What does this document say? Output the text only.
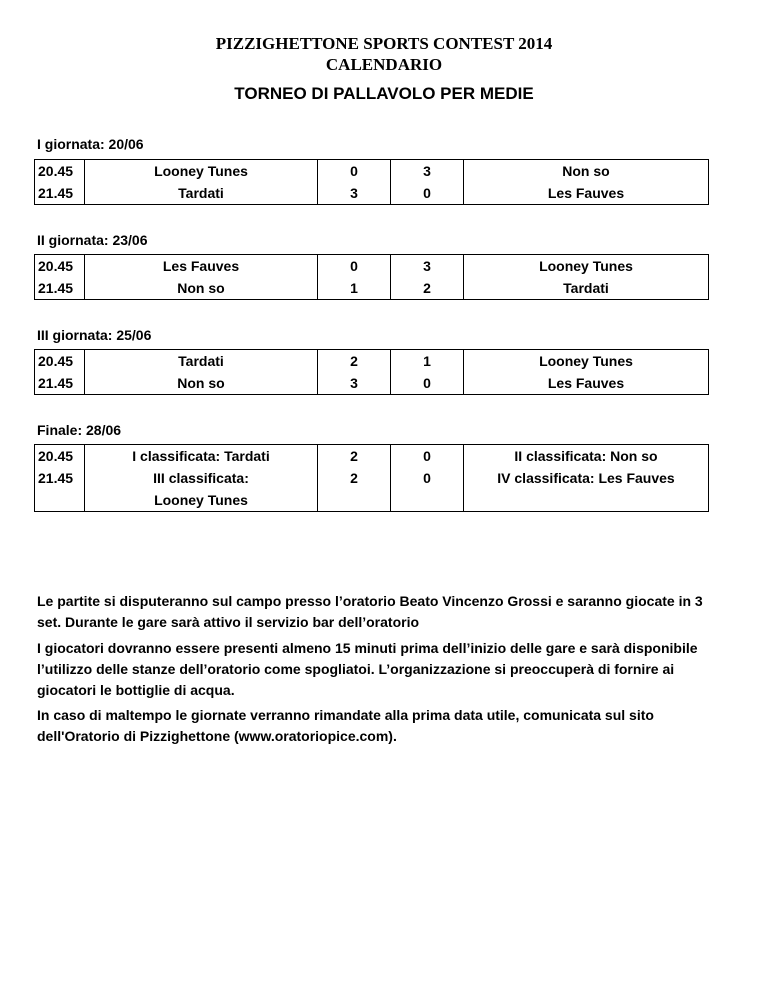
PIZZIGHETTONE SPORTS CONTEST 2014
CALENDARIO
TORNEO DI PALLAVOLO PER MEDIE
I giornata: 20/06
20.45	Looney Tunes	0	3	Non so
21.45	Tardati	3	0	Les Fauves
II giornata: 23/06
20.45	Les Fauves	0	3	Looney Tunes
21.45	Non so	1	2	Tardati
III giornata: 25/06
20.45	Tardati	2	1	Looney Tunes
21.45	Non so	3	0	Les Fauves
Finale: 28/06
20.45	I classificata: Tardati	2	0	II classificata: Non so
21.45	III classificata:	2	0	IV classificata: Les Fauves
	Looney Tunes			
Le partite si disputeranno sul campo presso l’oratorio Beato Vincenzo Grossi e saranno giocate in 3 set. Durante le gare sarà attivo il servizio bar dell’oratorio
I giocatori dovranno essere presenti almeno 15 minuti prima dell’inizio delle gare e sarà disponibile l’utilizzo delle stanze dell’oratorio come spogliatoi. L’organizzazione si preoccuperà di fornire ai giocatori le bottiglie di acqua.
In caso di maltempo le giornate verranno rimandate alla prima data utile, comunicata sul sito dell'Oratorio di Pizzighettone (www.oratoriopice.com).
